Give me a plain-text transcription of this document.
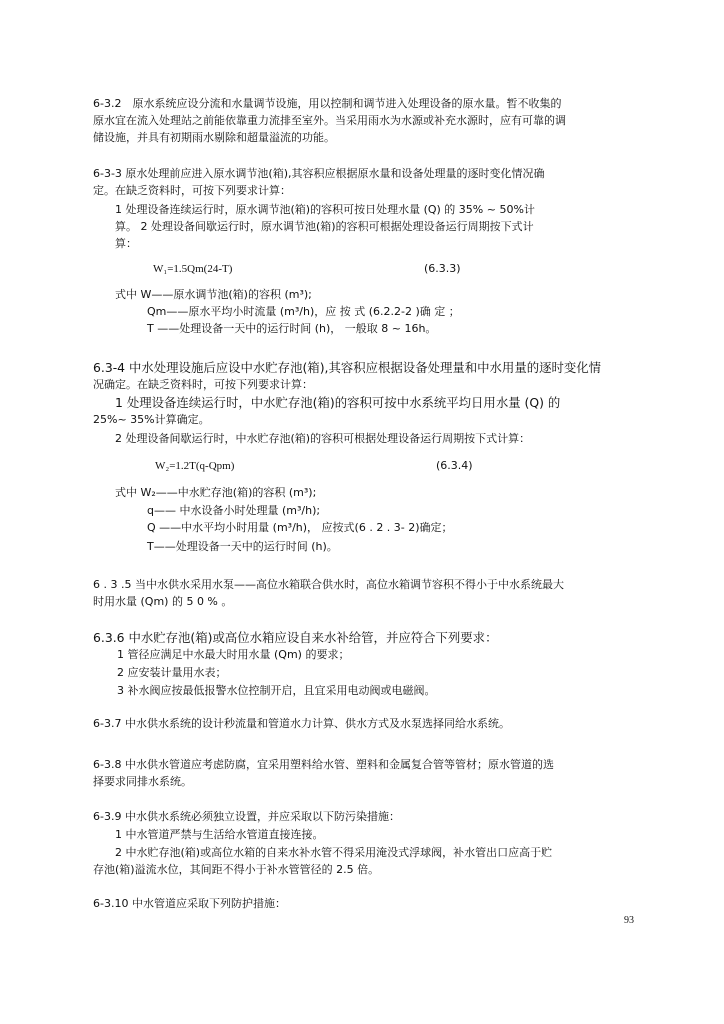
6-3.2　原水系统应设分流和水量调节设施，用以控制和调节进入处理设备的原水量。暂不收集的
原水宜在流入处理站之前能依靠重力流排至室外。当采用雨水为水源或补充水源时，应有可靠的调
储设施，并具有初期雨水剔除和超量溢流的功能。
6-3-3 原水处理前应进入原水调节池(箱),其容积应根据原水量和设备处理量的逐时变化情况确
定。在缺乏资料时，可按下列要求计算：
1 处理设备连续运行时，原水调节池(箱)的容积可按日处理水量 (Q) 的 35% ~ 50%计
算。 2 处理设备间歇运行时，原水调节池(箱)的容积可根据处理设备运行周期按下式计
算：
W₁=1.5Qm(24-T)	(6.3.3)
式中 W——原水调节池(箱)的容积 (m³);
Qm——原水平均小时流量 (m³/h)，应 按 式 (6.2.2-2 )确 定 ；
T ——处理设备一天中的运行时间 (h)， 一般取 8 ~ 16h。
6.3-4 中水处理设施后应设中水贮存池(箱),其容积应根据设备处理量和中水用量的逐时变化情
况确定。在缺乏资料时，可按下列要求计算：
1 处理设备连续运行时，中水贮存池(箱)的容积可按中水系统平均日用水量 (Q) 的
25%~ 35%计算确定。
2 处理设备间歇运行时，中水贮存池(箱)的容积可根据处理设备运行周期按下式计算：
W₂=1.2T(q-Qpm)	(6.3.4)
式中 W₂——中水贮存池(箱)的容积 (m³);
q—— 中水设备小时处理量 (m³/h);
Q ——中水平均小时用量 (m³/h)， 应按式(6 . 2 . 3- 2)确定；
T——处理设备一天中的运行时间 (h)。
6 . 3 .5 当中水供水采用水泵——高位水箱联合供水时，高位水箱调节容积不得小于中水系统最大
时用水量 (Qm) 的 5 0 % 。
6.3.6 中水贮存池(箱)或高位水箱应设自来水补给管，并应符合下列要求：
1 管径应满足中水最大时用水量 (Qm) 的要求；
2 应安装计量用水表；
3 补水阀应按最低报警水位控制开启，且宜采用电动阀或电磁阀。
6-3.7 中水供水系统的设计秒流量和管道水力计算、供水方式及水泵选择同给水系统。
6-3.8 中水供水管道应考虑防腐，宜采用塑料给水管、塑料和金属复合管等管材；原水管道的选
择要求同排水系统。
6-3.9 中水供水系统必须独立设置，并应采取以下防污染措施：
1 中水管道严禁与生活给水管道直接连接。
2 中水贮存池(箱)或高位水箱的自来水补水管不得采用淹没式浮球阀，补水管出口应高于贮
存池(箱)溢流水位，其间距不得小于补水管管径的 2.5 倍。
6-3.10 中水管道应采取下列防护措施：
93
